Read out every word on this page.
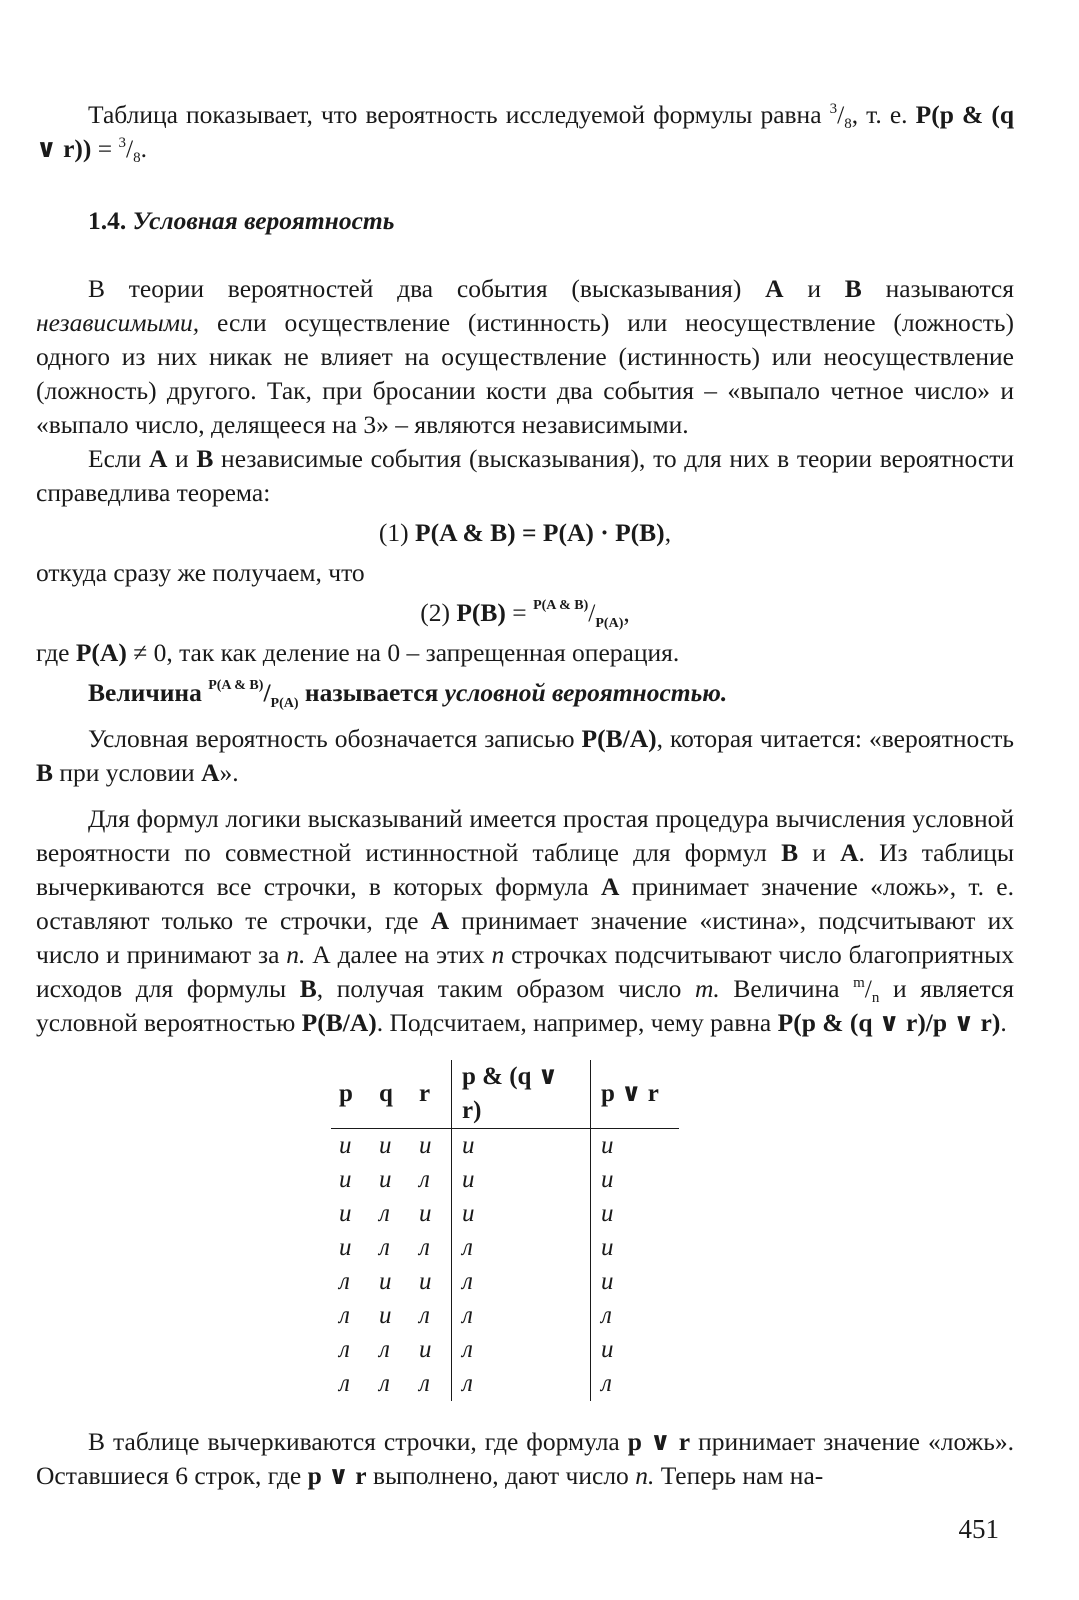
Таблица показывает, что вероятность исследуемой формулы равна $^3/_8$, т. е. P(p & (q ∨ $r)) = ^3/_8$.

1.4. Условная вероятность

В теории вероятностей два события (высказывания) A и B называются независимыми, если осуществление (истинность) или неосуществление (ложность) одного из них никак не влияет на осуществление (истинность) или неосуществление (ложность) другого. Так, при бросании кости два события – «выпало четное число» и «выпало число, делящееся на 3» – являются независимыми.

Если A и B независимые события (высказывания), то для них в теории вероятности справедлива теорема:

(1) P(A & B) = P(A) · P(B),

откуда сразу же получаем, что

(2) $P(B) = ^{P(A \& B)}/_{P(A)}$,

где P(A) ≠ 0, так как деление на 0 – запрещенная операция.

Величина $^{P(A \& B)}/_{P(A)}$ называется условной вероятностью.

Условная вероятность обозначается записью P(B/A), которая читается: «вероятность B при условии A».

Для формул логики высказываний имеется простая процедура вычисления условной вероятности по совместной истинностной таблице для формул B и A. Из таблицы вычеркиваются все строчки, в которых формула A принимает значение «ложь», т. е. оставляют только те строчки, где A принимает значение «истина», подсчитывают их число и принимают за n. А далее на этих n строчках подсчитывают число благоприятных исходов для формулы B, получая таким образом число m. Величина $^m/_n$ и является условной вероятностью P(B/A). Подсчитаем, например, чему равна P(p & (q ∨ r)/p ∨ r).

p	q	r	p & (q ∨ r)	p ∨ r
и	и	и	и	и
и	и	л	и	и
и	л	и	и	и
и	л	л	л	и
л	и	и	л	и
л	и	л	л	л
л	л	и	л	и
л	л	л	л	л

В таблице вычеркиваются строчки, где формула p ∨ r принимает значение «ложь». Оставшиеся 6 строк, где p ∨ r выполнено, дают число n. Теперь нам на-

451
